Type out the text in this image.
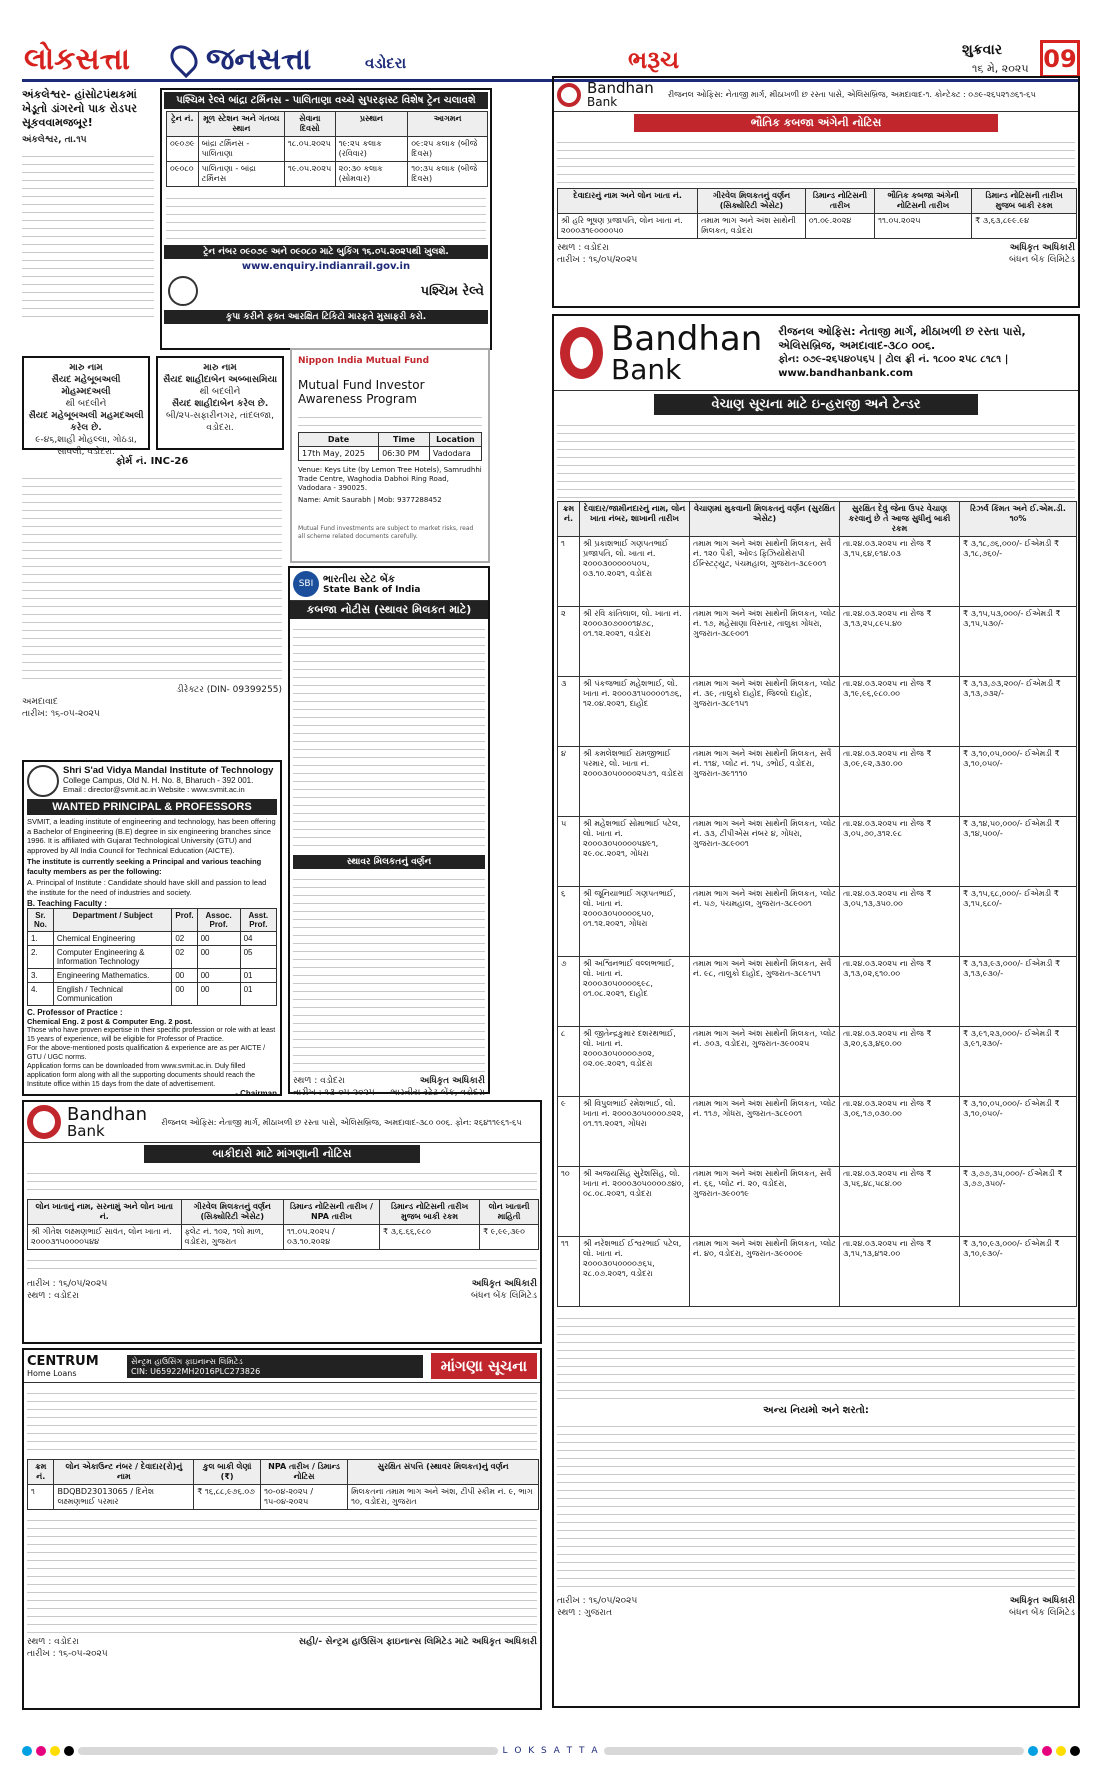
લોકસત્તા	જનસત્તા	વડોદરા	ભરૂચ	શુક્રવાર
૧૬ મે, ૨૦૨૫ 09
અંકલેશ્વર- હાંસોટપંથકમાં ખેડૂતો ડાંગરનો પાક રોડપર સૂકવવામજબૂર!
અંકલેશ્વર, તા.૧૫
પશ્ચિમ રેલ્વે બાંદ્રા ટર્મિનસ - પાલિતાણા વચ્ચે સુપરફાસ્ટ વિશેષ ટ્રેન ચલાવશે
ટ્રેન નં.	મૂળ સ્ટેશન અને ગંતવ્ય સ્થાન	સેવાના દિવસો	પ્રસ્થાન	આગમન
૦૯૦૭૯	બાંદ્રા ટર્મિનસ - પાલિતાણા	૧૮.૦૫.૨૦૨૫	૧૯:૨૫ કલાક (રવિવાર)	૦૯:૨૫ કલાક (બીજે દિવસ)
૦૯૦૮૦	પાલિતાણા - બાંદ્રા ટર્મિનસ	૧૯.૦૫.૨૦૨૫	૨૦:૩૦ કલાક (સોમવાર)	૧૦:૩૫ કલાક (બીજે દિવસ)
ટ્રેન નંબર ૦૯૦૭૯ અને ૦૯૦૮૦ માટે બુકિંગ ૧૬.૦૫.૨૦૨૫થી ખુલશે.
www.enquiry.indianrail.gov.in
પશ્ચિમ રેલ્વે
કૃપા કરીને ફક્ત આરક્ષિત ટિકિટો મારફતે મુસાફરી કરો.
મારુ નામ
સૈયદ મહેબૂબઅલી મોહમ્મદઅલી
થી બદલીને
સૈયદ મહેબૂબઅલી મહમદઅલી કરેલ છે.
૯-૪૬,શાહી મોહલ્લા, ગોઠડા, સાવલી, વડોદરા.
મારુ નામ
સૈયદ શાહીદાબેન અબ્બાસમિયા
થી બદલીને
સૈયદ શાહીદાબેન કરેલ છે.
બી/૨૫-સફારીનગર, તાંદલજા, વડોદરા.
Nippon India Mutual Fund
Mutual Fund Investor Awareness Program
Date	Time	Location
17th May, 2025	06:30 PM	Vadodara
Venue: Keys Lite (by Lemon Tree Hotels), Samrudhhi Trade Centre, Waghodia Dabhoi Ring Road, Vadodara - 390025.
Name: Amit Saurabh | Mob: 9377288452
Mutual Fund investments are subject to market risks, read all scheme related documents carefully.
ફોર્મ નં. INC-26
ડીરેક્ટર (DIN- 09399255)
અમદાવાદ
તારીખ: ૧૬-૦૫-૨૦૨૫
SBI ભારતીય સ્ટેટ બેંક
State Bank of India
કબજા નોટીસ (સ્થાવર મિલકત માટે)
સ્થાવર મિલકતનું વર્ણન
સ્થળ : વડોદરા
તારીખ : ૧૩-૦૫-૨૦૨૫
અધિકૃત અધિકારી
ભારતીય સ્ટેટ બેંક, વડોદરા
Shri S'ad Vidya Mandal Institute of Technology
College Campus, Old N. H. No. 8, Bharuch - 392 001.
Email : director@svmit.ac.in Website : www.svmit.ac.in
WANTED PRINCIPAL & PROFESSORS
SVMIT, a leading institute of engineering and technology, has been offering a Bachelor of Engineering (B.E) degree in six engineering branches since 1996. It is affiliated with Gujarat Technological University (GTU) and approved by All India Council for Technical Education (AICTE).
The institute is currently seeking a Principal and various teaching faculty members as per the following:
A. Principal of Institute : Candidate should have skill and passion to lead the institute for the need of industries and society.
B. Teaching Faculty :
Sr. No.	Department / Subject	Prof.	Assoc. Prof.	Asst. Prof.
1.	Chemical Engineering	02	00	04
2.	Computer Engineering & Information Technology	02	00	05
3.	Engineering Mathematics.	00	00	01
4.	English / Technical Communication	00	00	01
C. Professor of Practice :
Chemical Eng. 2 post & Computer Eng. 2 post.
Those who have proven expertise in their specific profession or role with at least 15 years of experience, will be eligible for Professor of Practice.
For the above-mentioned posts qualification & experience are as per AICTE / GTU / UGC norms.
Application forms can be downloaded from www.svmit.ac.in. Duly filled application form along with all the supporting documents should reach the Institute office within 15 days from the date of advertisement.
- Chairman
Bandhan
Bank
રીજનલ ઓફિસ: નેતાજી માર્ગ, મીઠાખળી છ રસ્તા પાસે, એલિસબ્રિજ, અમદાવાદ-૧. કોન્ટેક્ટ : ૦૭૯-૨૬૫૨૧૭૬૧-૬૫
ભૌતિક કબજા અંગેની નોટિસ
દેવાદારનું નામ અને લોન ખાતા નં.	ગીરવેલ મિલકતનું વર્ણન (સિક્યોરિટી એસેટ)	ડિમાન્ડ નોટિસની તારીખ	ભૌતિક કબજા અંગેની નોટિસની તારીખ	ડિમાન્ડ નોટિસની તારીખ મુજબ બાકી રકમ
શ્રી હરિ ભૂષણ પ્રજાપતિ, લોન ખાતા નં. ૨૦૦૦૩૧૯૦૦૦૦૫૦	તમામ ભાગ અને અંશ સાથેની મિલકત, વડોદરા	૦૧.૦૯.૨૦૨૪	૧૧.૦૫.૨૦૨૫	₹ ૩,૬૩,૮૯૯.૯૪
સ્થળ : વડોદરા
તારીખ : ૧૬/૦૫/૨૦૨૫
અધિકૃત અધિકારી
બંધન બેંક લિમિટેડ
Bandhan
Bank
રીજનલ ઓફિસ: નેતાજી માર્ગ, મીઠાખળી છ રસ્તા પાસે, એલિસબ્રિજ, અમદાવાદ-૩૮૦ ૦૦૬.
ફોન: ૦૭૯-૨૬૫૪૦૫૬૫ | ટોલ ફ્રી નં. ૧૮૦૦ ૨૫૮ ૮૧૮૧ | www.bandhanbank.com
વેચાણ સૂચના માટે ઇ-હરાજી અને ટેન્ડર
ક્રમ નં.	દેવાદાર/જામીનદારનું નામ, લોન ખાતા નંબર, શાખાની તારીખ	વેચાણમાં મુકવાની મિલકતનું વર્ણન (સુરક્ષિત એસેટ)	સુરક્ષિત દેવું જેના ઉપર વેચાણ કરવાનું છે તે આજ સુધીનું બાકી રકમ	રિઝર્વ કિંમત અને ઈ.એમ.ડી. ૧૦%
૧	શ્રી પ્રકાશભાઈ ગણપતભાઈ પ્રજાપતિ, લો. ખાતા નં. ૨૦૦૦૩૦૦૦૦૦૫૦૫, ૦૩.૧૦.૨૦૨૧, વડોદરા	તમામ ભાગ અને અંશ સાથેની મિલકત, સર્વે નં. ૧૨૦ પૈકી, ઓલ્ડ ફિઝિયોથેરાપી ઈન્સ્ટિટ્યુટ, પંચમહાલ, ગુજરાત-૩૮૯૦૦૧	તા.૨૪.૦૩.૨૦૨૫ ના રોજ ₹ ૩,૧૫,૬૪,૯૧૪.૦૩	₹ ૩,૧૮,૭૬,૦૦૦/- ઈએમડી ₹ ૩,૧૮,૭૬૦/-
૨	શ્રી રવિ કાંતિલાલ, લો. ખાતા નં. ૨૦૦૦૩૦૭૦૦૦૧૪૭૮, ૦૧.૧૨.૨૦૨૧, વડોદરા	તમામ ભાગ અને અંશ સાથેની મિલકત, પ્લોટ નં. ૧૭, મહેસાણા વિસ્તાર, તાલુકા ગોધરા, ગુજરાત-૩૮૯૦૦૧	તા.૨૪.૦૩.૨૦૨૫ ના રોજ ₹ ૩,૧૩,૨૫,૮૯૫.૪૦	₹ ૩,૧૫,૫૩,૦૦૦/- ઈએમડી ₹ ૩,૧૫,૫૩૦/-
૩	શ્રી પંકજભાઈ મહેશભાઈ, લો. ખાતા નં. ૨૦૦૦૩૧૫૦૦૦૦૧૭૬, ૧૨.૦૪.૨૦૨૧, દાહોદ	તમામ ભાગ અને અંશ સાથેની મિલકત, પ્લોટ નં. ૩૯, તાલુકો દાહોદ, જિલ્લો દાહોદ, ગુજરાત-૩૮૯૧૫૧	તા.૨૪.૦૩.૨૦૨૫ ના રોજ ₹ ૩,૧૯,૯૬,૯૮૦.૦૦	₹ ૩,૧૩,૭૩,૨૦૦/- ઈએમડી ₹ ૩,૧૩,૭૩૨/-
૪	શ્રી કમલેશભાઈ રામજીભાઈ પરમાર, લો. ખાતા નં. ૨૦૦૦૩૦૫૦૦૦૦૨૫૭૧, વડોદરા	તમામ ભાગ અને અંશ સાથેની મિલકત, સર્વે નં. ૧૧૪, પ્લોટ નં. ૧૫, ડભોઈ, વડોદરા, ગુજરાત-૩૯૧૧૧૦	તા.૨૪.૦૩.૨૦૨૫ ના રોજ ₹ ૩,૦૯,૯૨,૩૩૦.૦૦	₹ ૩,૧૦,૦૫,૦૦૦/- ઈએમડી ₹ ૩,૧૦,૦૫૦/-
૫	શ્રી મહેશભાઈ સોમાભાઈ પટેલ, લો. ખાતા નં. ૨૦૦૦૩૦૫૦૦૦૦૫૪૯૧, ૨૯.૦૮.૨૦૨૧, ગોધરા	તમામ ભાગ અને અંશ સાથેની મિલકત, પ્લોટ નં. ૩૩, ટીપીએસ નંબર ૪, ગોધરા, ગુજરાત-૩૮૯૦૦૧	તા.૨૪.૦૩.૨૦૨૫ ના રોજ ₹ ૩,૦૫,૭૦,૩૧૨.૯૮	₹ ૩,૧૪,૫૦,૦૦૦/- ઈએમડી ₹ ૩,૧૪,૫૦૦/-
૬	શ્રી જૂનિયાભાઈ ગણપતભાઈ, લો. ખાતા નં. ૨૦૦૦૩૦૫૦૦૦૦૬૫૦, ૦૧.૧૨.૨૦૨૧, ગોધરા	તમામ ભાગ અને અંશ સાથેની મિલકત, પ્લોટ નં. ૫૭, પંચમહાલ, ગુજરાત-૩૮૯૦૦૧	તા.૨૪.૦૩.૨૦૨૫ ના રોજ ₹ ૩,૦૫,૧૩,૩૫૦.૦૦	₹ ૩,૧૫,૬૮,૦૦૦/- ઈએમડી ₹ ૩,૧૫,૬૮૦/-
૭	શ્રી અશ્વિનભાઈ વલ્લભભાઈ, લો. ખાતા નં. ૨૦૦૦૩૦૫૦૦૦૦૬૯૮, ૦૧.૦૮.૨૦૨૧, દાહોદ	તમામ ભાગ અને અંશ સાથેની મિલકત, સર્વે નં. ૯૮, તાલુકો દાહોદ, ગુજરાત-૩૮૯૧૫૧	તા.૨૪.૦૩.૨૦૨૫ ના રોજ ₹ ૩,૧૩,૦૨,૬૧૦.૦૦	₹ ૩,૧૩,૯૩,૦૦૦/- ઈએમડી ₹ ૩,૧૩,૯૩૦/-
૮	શ્રી જીતેન્દ્રકુમાર દશરથભાઈ, લો. ખાતા નં. ૨૦૦૦૩૦૫૦૦૦૦૭૦૨, ૦૨.૦૯.૨૦૨૧, વડોદરા	તમામ ભાગ અને અંશ સાથેની મિલકત, પ્લોટ નં. ૭૦૩, વડોદરા, ગુજરાત-૩૯૦૦૨૫	તા.૨૪.૦૩.૨૦૨૫ ના રોજ ₹ ૩,૨૦,૬૩,૪૬૦.૦૦	₹ ૩,૯૧,૨૩,૦૦૦/- ઈએમડી ₹ ૩,૯૧,૨૩૦/-
૯	શ્રી વિપુલભાઈ રમેશભાઈ, લો. ખાતા નં. ૨૦૦૦૩૦૫૦૦૦૦૭૨૨, ૦૧.૧૧.૨૦૨૧, ગોધરા	તમામ ભાગ અને અંશ સાથેની મિલકત, પ્લોટ નં. ૧૧૭, ગોધરા, ગુજરાત-૩૮૯૦૦૧	તા.૨૪.૦૩.૨૦૨૫ ના રોજ ₹ ૩,૦૬,૧૭,૦૩૦.૦૦	₹ ૩,૧૦,૦૫,૦૦૦/- ઈએમડી ₹ ૩,૧૦,૦૫૦/-
૧૦	શ્રી અજયસિંહ સુરેશસિંહ, લો. ખાતા નં. ૨૦૦૦૩૦૫૦૦૦૦૭૪૦, ૦૮.૦૮.૨૦૨૧, વડોદરા	તમામ ભાગ અને અંશ સાથેની મિલકત, સર્વે નં. ૬૬, પ્લોટ નં. ૨૦, વડોદરા, ગુજરાત-૩૯૦૦૧૯	તા.૨૪.૦૩.૨૦૨૫ ના રોજ ₹ ૩,૫૬,૪૮,૫૮૪.૦૦	₹ ૩,૭૭,૩૫,૦૦૦/- ઈએમડી ₹ ૩,૭૭,૩૫૦/-
૧૧	શ્રી નરેશભાઈ ઈશ્વરભાઈ પટેલ, લો. ખાતા નં. ૨૦૦૦૩૦૫૦૦૦૦૭૬૫, ૨૮.૦૭.૨૦૨૧, વડોદરા	તમામ ભાગ અને અંશ સાથેની મિલકત, પ્લોટ નં. ૪૦, વડોદરા, ગુજરાત-૩૯૦૦૦૯	તા.૨૪.૦૩.૨૦૨૫ ના રોજ ₹ ૩,૧૫,૧૩,૪૧૨.૦૦	₹ ૩,૧૦,૯૩,૦૦૦/- ઈએમડી ₹ ૩,૧૦,૯૩૦/-
અન્ય નિયમો અને શરતો:
તારીખ : ૧૬/૦૫/૨૦૨૫
સ્થળ : ગુજરાત
અધિકૃત અધિકારી
બંધન બેંક લિમિટેડ
Bandhan
Bank	રીજનલ ઓફિસ: નેતાજી માર્ગ, મીઠાખળી છ રસ્તા પાસે, એલિસબ્રિજ, અમદાવાદ-૩૮૦ ૦૦૬. ફોન: ૨૬૪૧૧૯૬૧-૬૫
બાકીદારો માટે માંગણાની નોટિસ
લોન ખાતાનું નામ, સરનામું અને લોન ખાતા નં.	ગીરવેલ મિલકતનું વર્ણન (સિક્યોરિટી એસેટ)	ડિમાન્ડ નોટિસની તારીખ / NPA તારીખ	ડિમાન્ડ નોટિસની તારીખ મુજબ બાકી રકમ	લોન ખાતાની માહિતી
શ્રી ગીતેશ લક્ષ્મણભાઈ સાવંત, લોન ખાતા નં. ૨૦૦૦૩૧૫૦૦૦૦૫૪૪	ફ્લેટ નં. ૧૦૨, ૧લો માળ, વડોદરા, ગુજરાત	૧૧.૦૫.૨૦૨૫ / ૦૩.૧૦.૨૦૨૪	₹ ૩,૬.૬૬,૯૮૦	₹ ૯,૯૯,૩૯૦
તારીખ : ૧૬/૦૫/૨૦૨૫
સ્થળ : વડોદરા
અધિકૃત અધિકારી
બંધન બેંક લિમિટેડ
CENTRUM
Home Loans
સેન્ટ્રમ હાઉસિંગ ફાઇનાન્સ લિમિટેડ
CIN: U65922MH2016PLC273826	માંગણા સૂચના
ક્રમ નં.	લોન એકાઉન્ટ નંબર / દેવાદાર(રો)નું નામ	કુલ બાકી લેણાં (₹)	NPA તારીખ / ડિમાન્ડ નોટિસ	સુરક્ષિત સંપત્તિ (સ્થાવર મિલકત)નું વર્ણન
૧	BDQBD23013065 / દિનેશ લક્ષ્મણભાઈ પરમાર	₹ ૧૬,૮૮,૯૭૬.૦૭	૧૦-૦૪-૨૦૨૫ / ૧૫-૦૪-૨૦૨૫	મિલકતના તમામ ભાગ અને અંશ, ટીપી સ્કીમ નં. ૯, ભાગ ૧૦, વડોદરા, ગુજરાત
સ્થળ : વડોદરા
તારીખ : ૧૬-૦૫-૨૦૨૫
સહી/- સેન્ટ્રમ હાઉસિંગ ફાઇનાન્સ લિમિટેડ માટે અધિકૃત અધિકારી
L O K S A T T A
